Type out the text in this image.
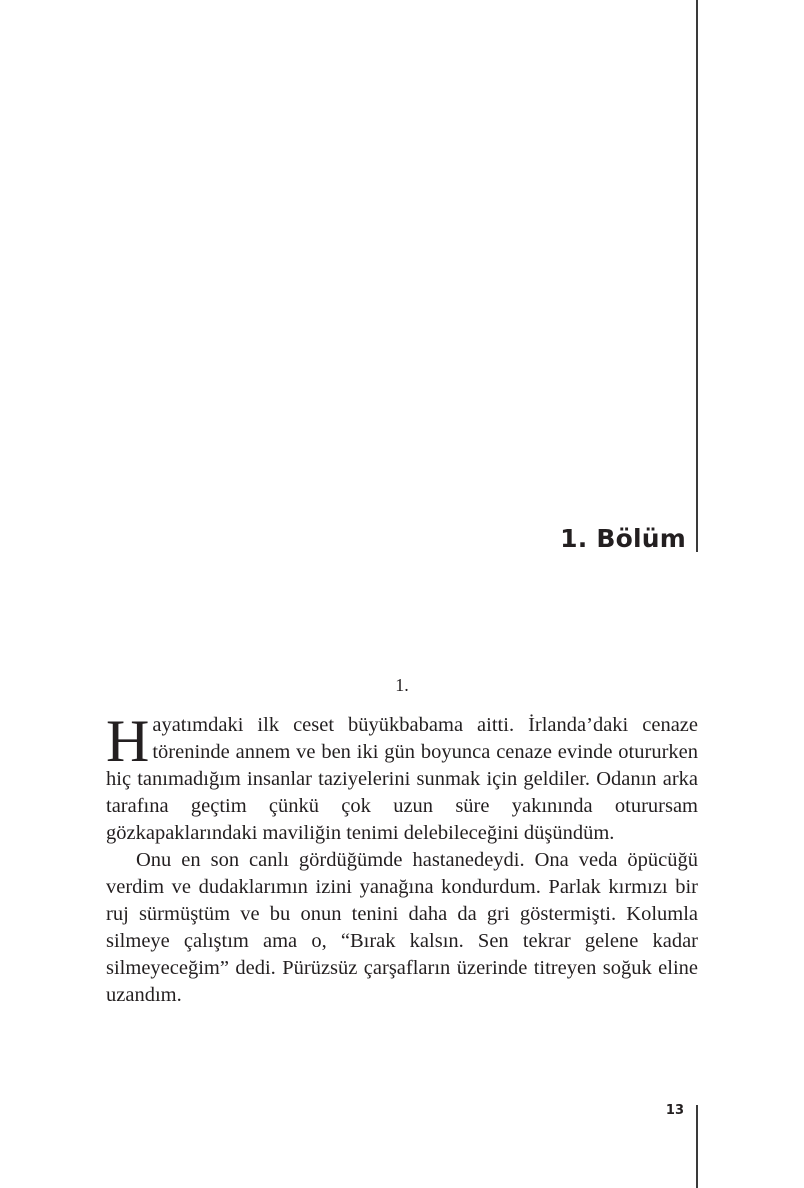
1. Bölüm

1.

Hayatımdaki ilk ceset büyükbabama aitti. İrlanda’daki cenaze töreninde annem ve ben iki gün boyunca cenaze evinde otururken hiç tanımadığım insanlar taziyelerini sunmak için geldiler. Odanın arka tarafına geçtim çünkü çok uzun süre yakınında oturursam gözkapaklarındaki maviliğin tenimi delebileceğini düşündüm.

Onu en son canlı gördüğümde hastanedeydi. Ona veda öpücüğü verdim ve dudaklarımın izini yanağına kondurdum. Parlak kırmızı bir ruj sürmüştüm ve bu onun tenini daha da gri göstermişti. Kolumla silmeye çalıştım ama o, “Bırak kalsın. Sen tekrar gelene kadar silmeyeceğim” dedi. Pürüzsüz çarşafların üzerinde titreyen soğuk eline uzandım.

13
